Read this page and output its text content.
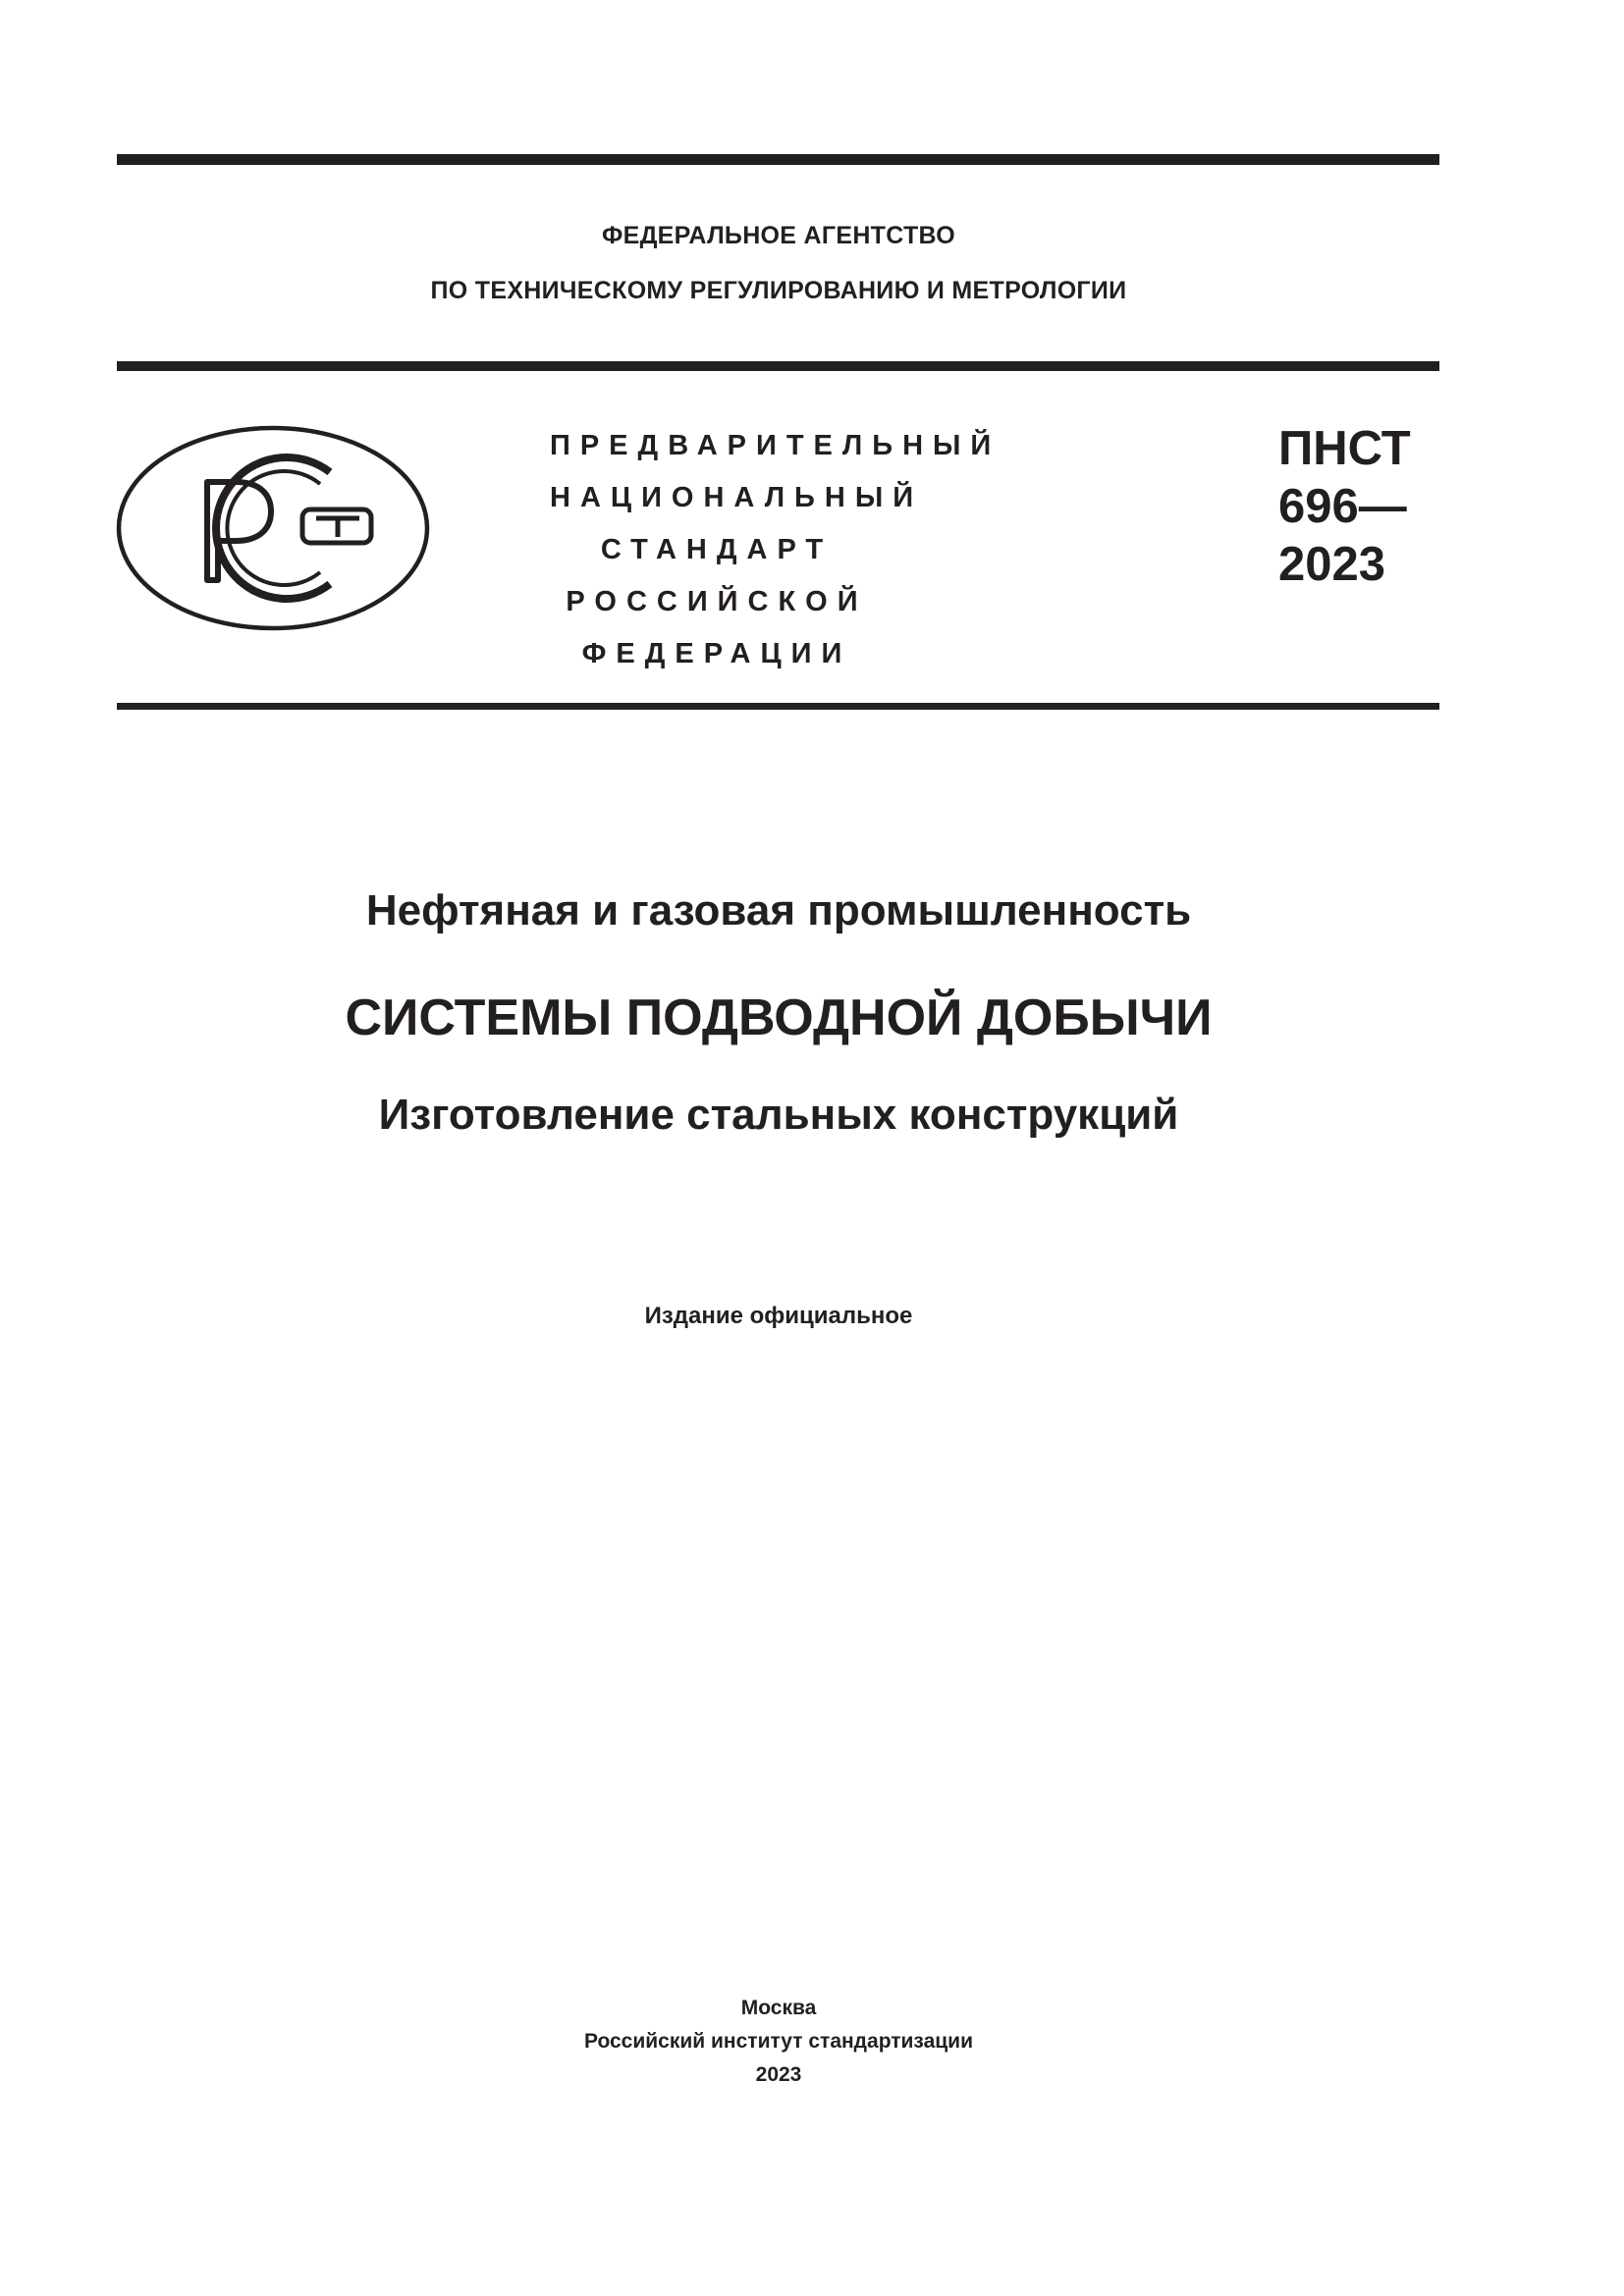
ФЕДЕРАЛЬНОЕ АГЕНТСТВО
ПО ТЕХНИЧЕСКОМУ РЕГУЛИРОВАНИЮ И МЕТРОЛОГИИ
ПРЕДВАРИТЕЛЬНЫЙ
НАЦИОНАЛЬНЫЙ
СТАНДАРТ
РОССИЙСКОЙ
ФЕДЕРАЦИИ
ПНСТ
696—
2023
Нефтяная и газовая промышленность
СИСТЕМЫ ПОДВОДНОЙ ДОБЫЧИ
Изготовление стальных конструкций
Издание официальное
Москва
Российский институт стандартизации
2023
